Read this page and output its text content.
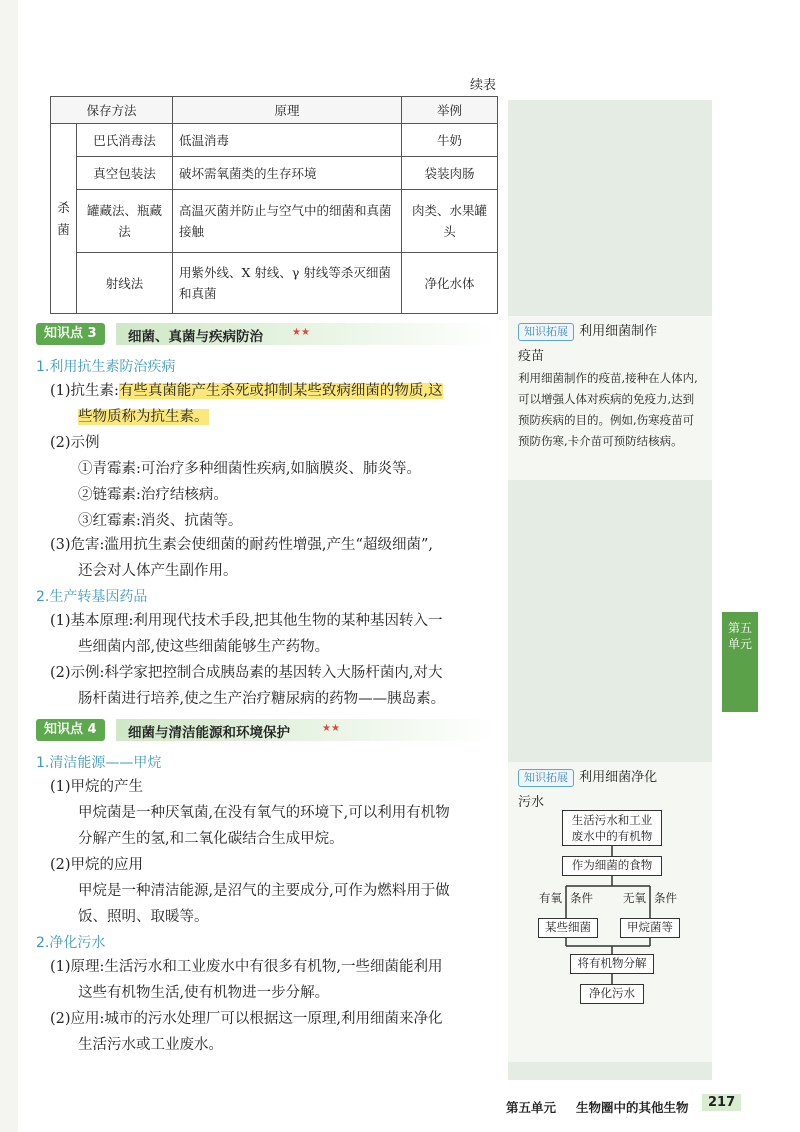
续表
保存方法		原理	举例
杀菌	巴氏消毒法	低温消毒	牛奶
	真空包装法	破坏需氧菌类的生存环境	袋装肉肠
	罐藏法、瓶藏法	高温灭菌并防止与空气中的细菌和真菌接触	肉类、水果罐头
	射线法	用紫外线、X 射线、γ 射线等杀灭细菌和真菌	净化水体
知识点 3	细菌、真菌与疾病防治	★★
1.利用抗生素防治疾病
(1)抗生素:有些真菌能产生杀死或抑制某些致病细菌的物质,这
些物质称为抗生素。
(2)示例
①青霉素:可治疗多种细菌性疾病,如脑膜炎、肺炎等。
②链霉素:治疗结核病。
③红霉素:消炎、抗菌等。
(3)危害:滥用抗生素会使细菌的耐药性增强,产生“超级细菌”,
还会对人体产生副作用。
2.生产转基因药品
(1)基本原理:利用现代技术手段,把其他生物的某种基因转入一
些细菌内部,使这些细菌能够生产药物。
(2)示例:科学家把控制合成胰岛素的基因转入大肠杆菌内,对大
肠杆菌进行培养,使之生产治疗糖尿病的药物——胰岛素。
知识点 4	细菌与清洁能源和环境保护	★★
1.清洁能源——甲烷
(1)甲烷的产生
甲烷菌是一种厌氧菌,在没有氧气的环境下,可以利用有机物
分解产生的氢,和二氧化碳结合生成甲烷。
(2)甲烷的应用
甲烷是一种清洁能源,是沼气的主要成分,可作为燃料用于做
饭、照明、取暖等。
2.净化污水
(1)原理:生活污水和工业废水中有很多有机物,一些细菌能利用
这些有机物生活,使有机物进一步分解。
(2)应用:城市的污水处理厂可以根据这一原理,利用细菌来净化
生活污水或工业废水。
知识拓展 利用细菌制作
疫苗
利用细菌制作的疫苗,接种在人体内,可以增强人体对疾病的免疫力,达到预防疾病的目的。例如,伤寒疫苗可预防伤寒,卡介苗可预防结核病。
知识拓展 利用细菌净化
污水
生活污水和工业
废水中的有机物
作为细菌的食物
有氧 条件	无氧 条件
某些细菌	甲烷菌等
将有机物分解
净化污水
第五
单元
第五单元 生物圈中的其他生物	217
